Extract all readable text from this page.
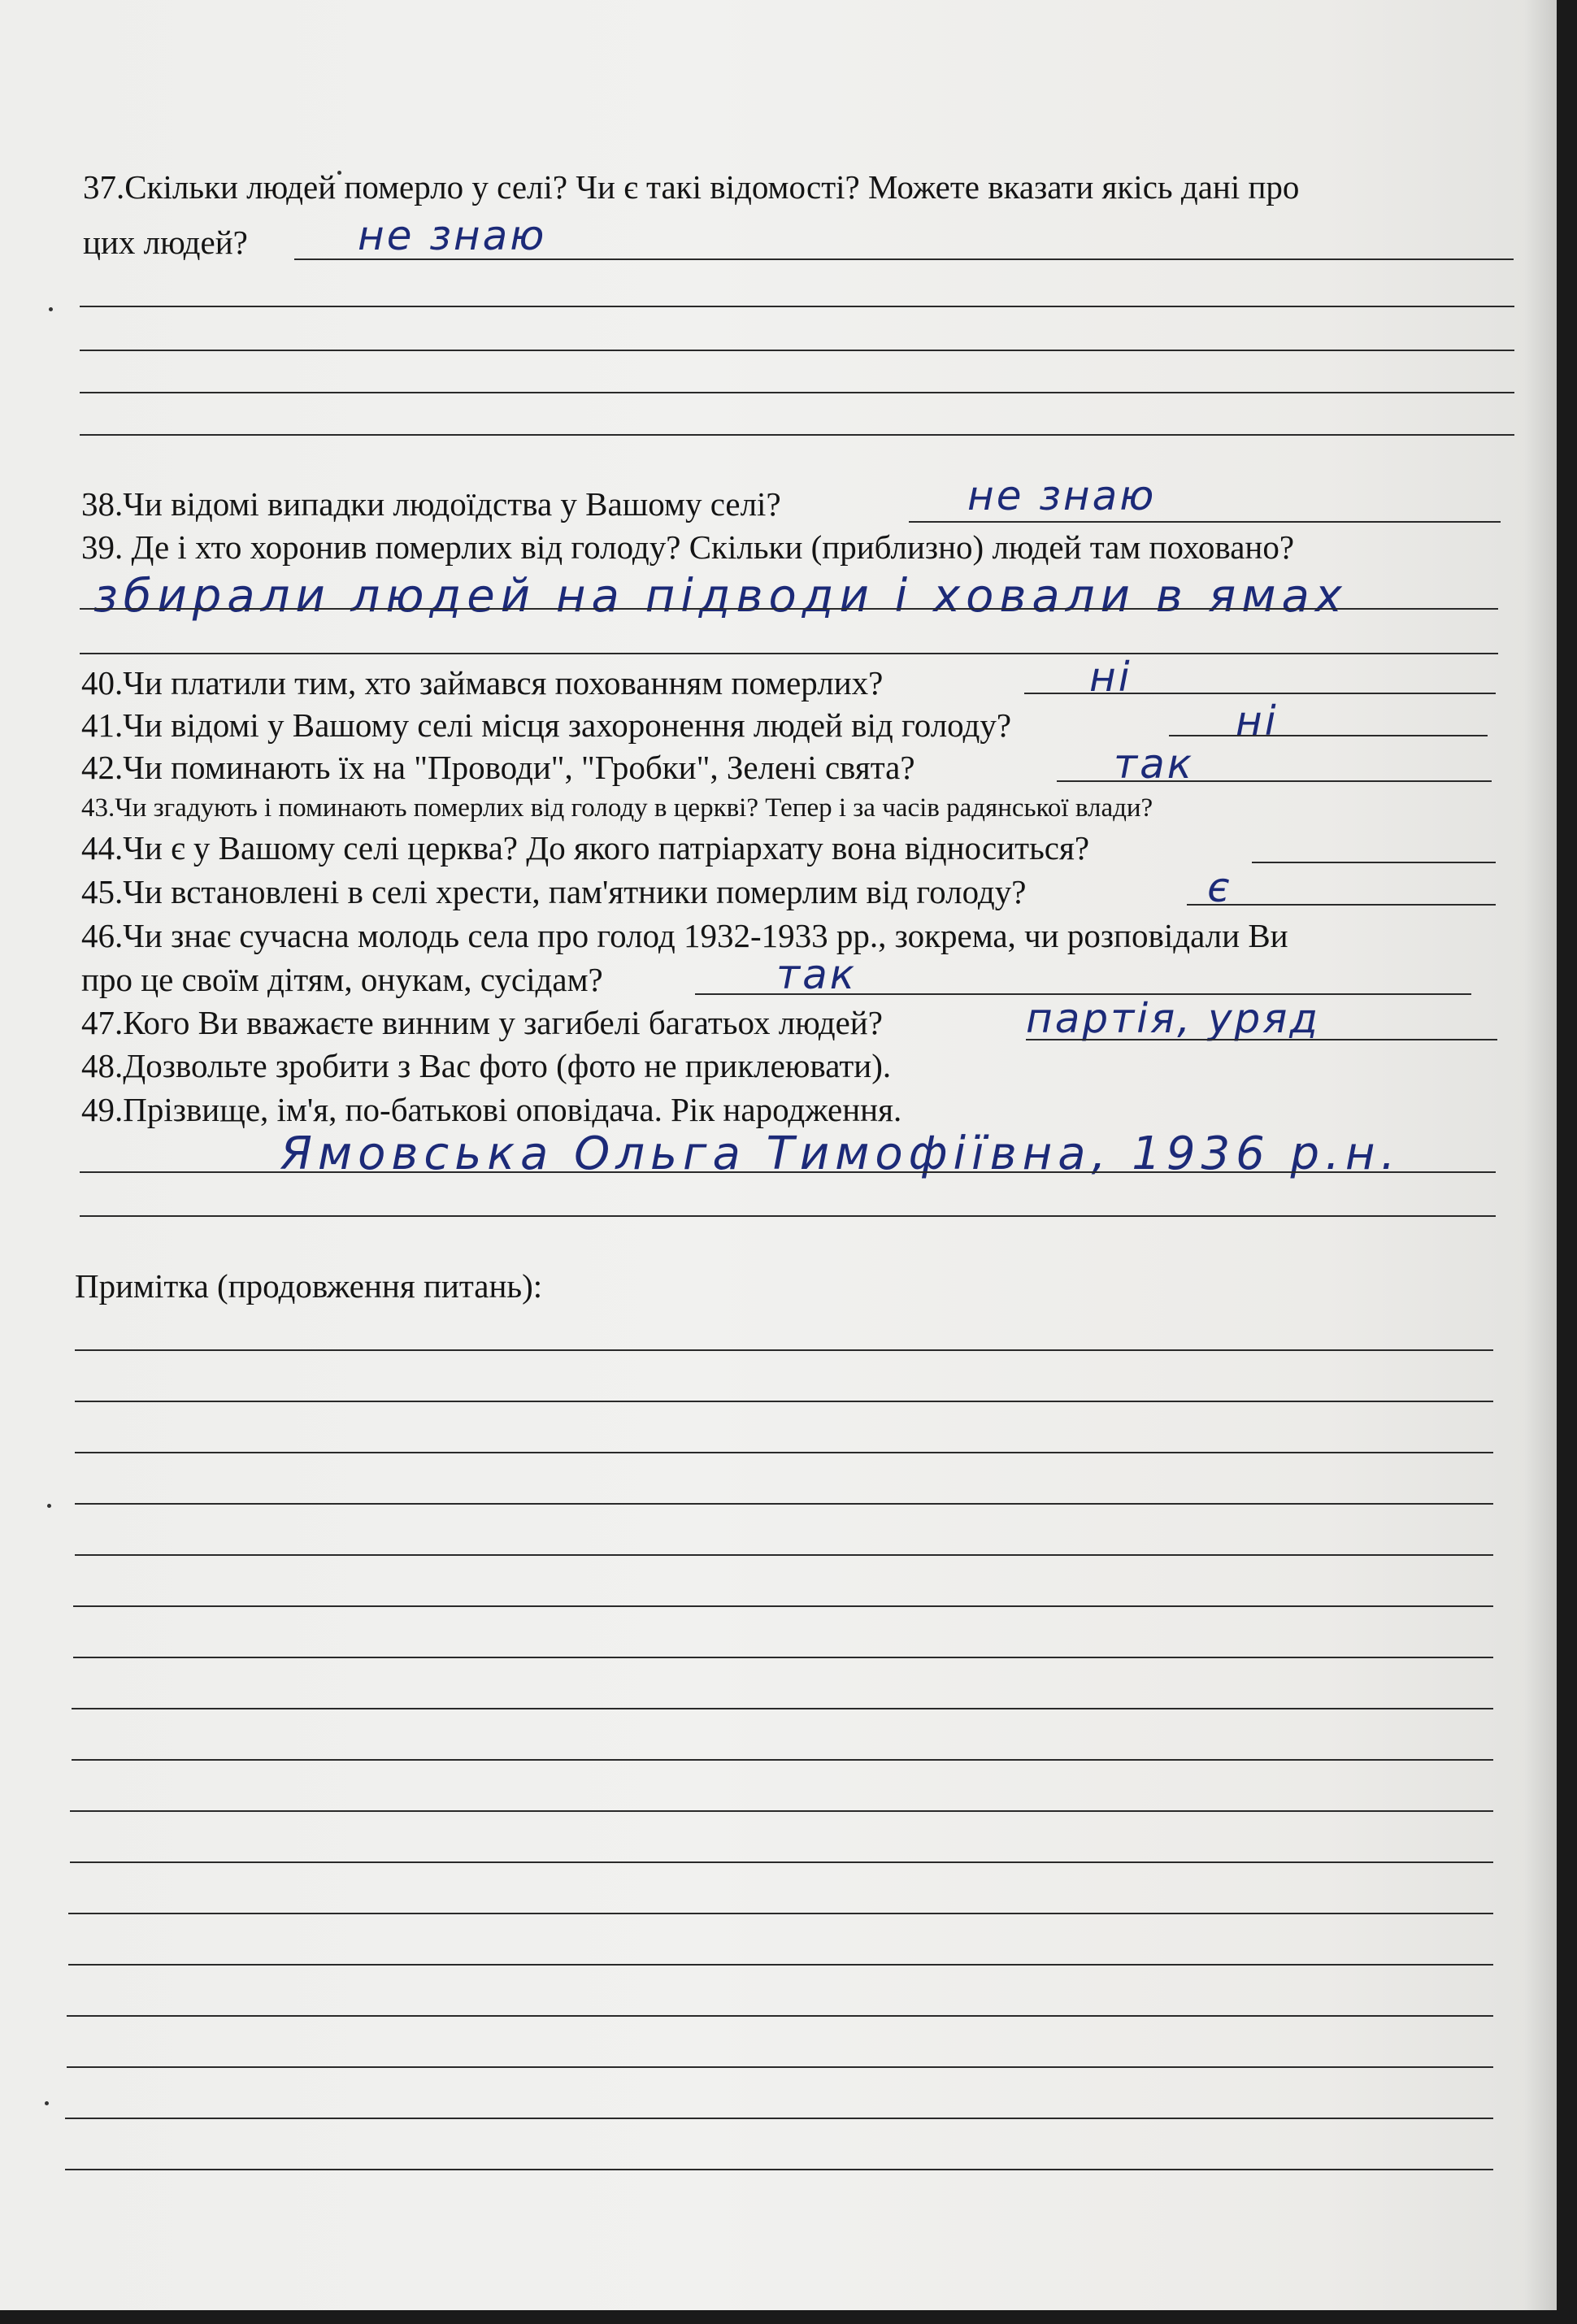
37.Скільки людей померло у селі? Чи є такі відомості? Можете вказати якісь дані про
цих людей?	не знаю
38.Чи відомі випадки людоїдства у Вашому селі?	не знаю
39. Де і хто хоронив померлих від голоду? Скільки (приблизно) людей там поховано?
збирали людей на підводи і ховали в ямах
40.Чи платили тим, хто займався похованням померлих?	ні
41.Чи відомі у Вашому селі місця захоронення людей від голоду?	ні
42.Чи поминають їх на "Проводи", "Гробки", Зелені свята?	так
43.Чи згадують і поминають померлих від голоду в церкві? Тепер і за часів радянської влади?
44.Чи є у Вашому селі церква? До якого патріархату вона відноситься?
45.Чи встановлені в селі хрести, пам'ятники померлим від голоду?	є
46.Чи знає сучасна молодь села про голод 1932-1933 рр., зокрема, чи розповідали Ви
про це своїм дітям, онукам, сусідам?	так
47.Кого Ви вважаєте винним у загибелі багатьох людей?	партія, уряд
48.Дозвольте зробити з Вас фото (фото не приклеювати).
49.Прізвище, ім'я, по-батькові оповідача. Рік народження.
Ямовська Ольга Тимофіївна, 1936 р.н.
Примітка (продовження питань):
